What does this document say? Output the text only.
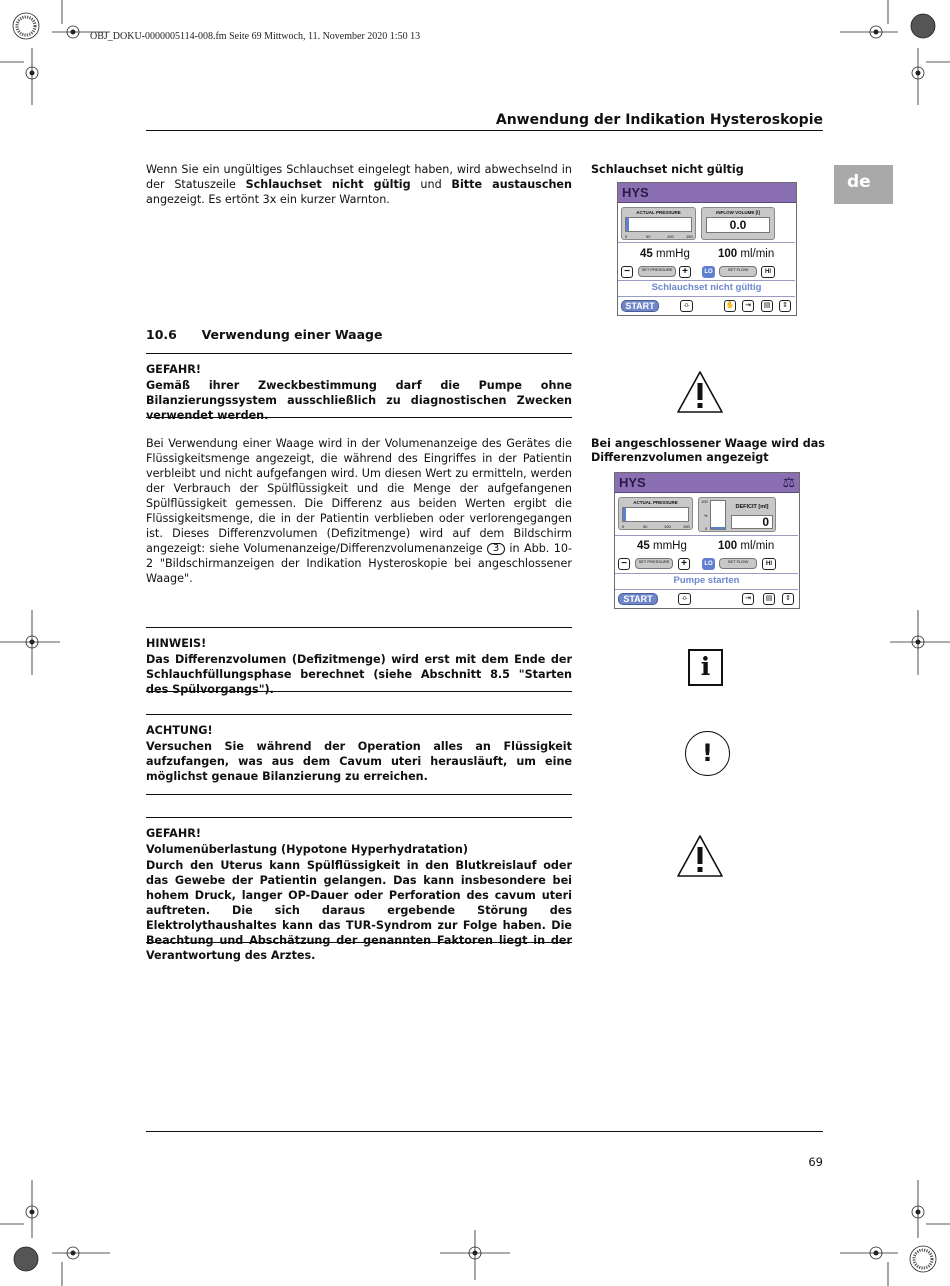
OBJ_DOKU-0000005114-008.fm Seite 69 Mittwoch, 11. November 2020 1:50 13
Anwendung der Indikation Hysteroskopie
de
Wenn Sie ein ungültiges Schlauchset eingelegt haben, wird abwechselnd in der Statuszeile Schlauchset nicht gültig und Bitte austauschen angezeigt. Es ertönt 3x ein kurzer Warnton.
Schlauchset nicht gültig
HYS
ACTUAL PRESSURE
0	50	100	150
INFLOW VOLUME [l]
0.0
45 mmHg 100 ml/min
−	SET PRESSURE +	LO	SET FLOW	HI
Schlauchset nicht gültig
START	-0-	✋	⇥	▤	⇕
10.6 Verwendung einer Waage
GEFAHR!
Gemäß ihrer Zweckbestimmung darf die Pumpe ohne Bilanzierungssystem ausschließlich zu diagnostischen Zwecken verwendet werden.
Bei Verwendung einer Waage wird in der Volumenanzeige des Gerätes die Flüssigkeitsmenge angezeigt, die während des Eingriffes in der Patientin verbleibt und nicht aufgefangen wird. Um diesen Wert zu ermitteln, werden der Verbrauch der Spülflüssigkeit und die Menge der aufgefangenen Spülflüssigkeit gemessen. Die Differenz aus beiden Werten ergibt die Flüssigkeitsmenge, die in der Patientin verblieben oder verlorengegangen ist. Dieses Differenzvolumen (Defizitmenge) wird auf dem Bildschirm angezeigt: siehe Volumenanzeige/Differenzvolumenanzeige 3 in Abb. 10-2 "Bildschirmanzeigen der Indikation Hysteroskopie bei angeschlossener Waage".
Bei angeschlossener Waage wird das Differenzvolumen angezeigt
HYS	⚖
ACTUAL PRESSURE
0	50	100	150
100
%
0
DEFICIT [ml]
0
45 mmHg	100 ml/min
−	SET PRESSURE	+	LO	SET FLOW	HI
Pumpe starten
START	-0-	⇥	▤	⇕
HINWEIS!
Das Differenzvolumen (Defizitmenge) wird erst mit dem Ende der Schlauchfüllungsphase berechnet (siehe Abschnitt 8.5 "Starten des Spülvorgangs").
i
ACHTUNG!
Versuchen Sie während der Operation alles an Flüssigkeit aufzufangen, was aus dem Cavum uteri herausläuft, um eine möglichst genaue Bilanzierung zu erreichen.
!
GEFAHR!
Volumenüberlastung (Hypotone Hyperhydratation)
Durch den Uterus kann Spülflüssigkeit in den Blutkreislauf oder das Gewebe der Patientin gelangen. Das kann insbesondere bei hohem Druck, langer OP-Dauer oder Perforation des cavum uteri auftreten. Die sich daraus ergebende Störung des Elektrolythaushaltes kann das TUR-Syndrom zur Folge haben. Die Beachtung und Abschätzung der genannten Faktoren liegt in der Verantwortung des Arztes.
69
